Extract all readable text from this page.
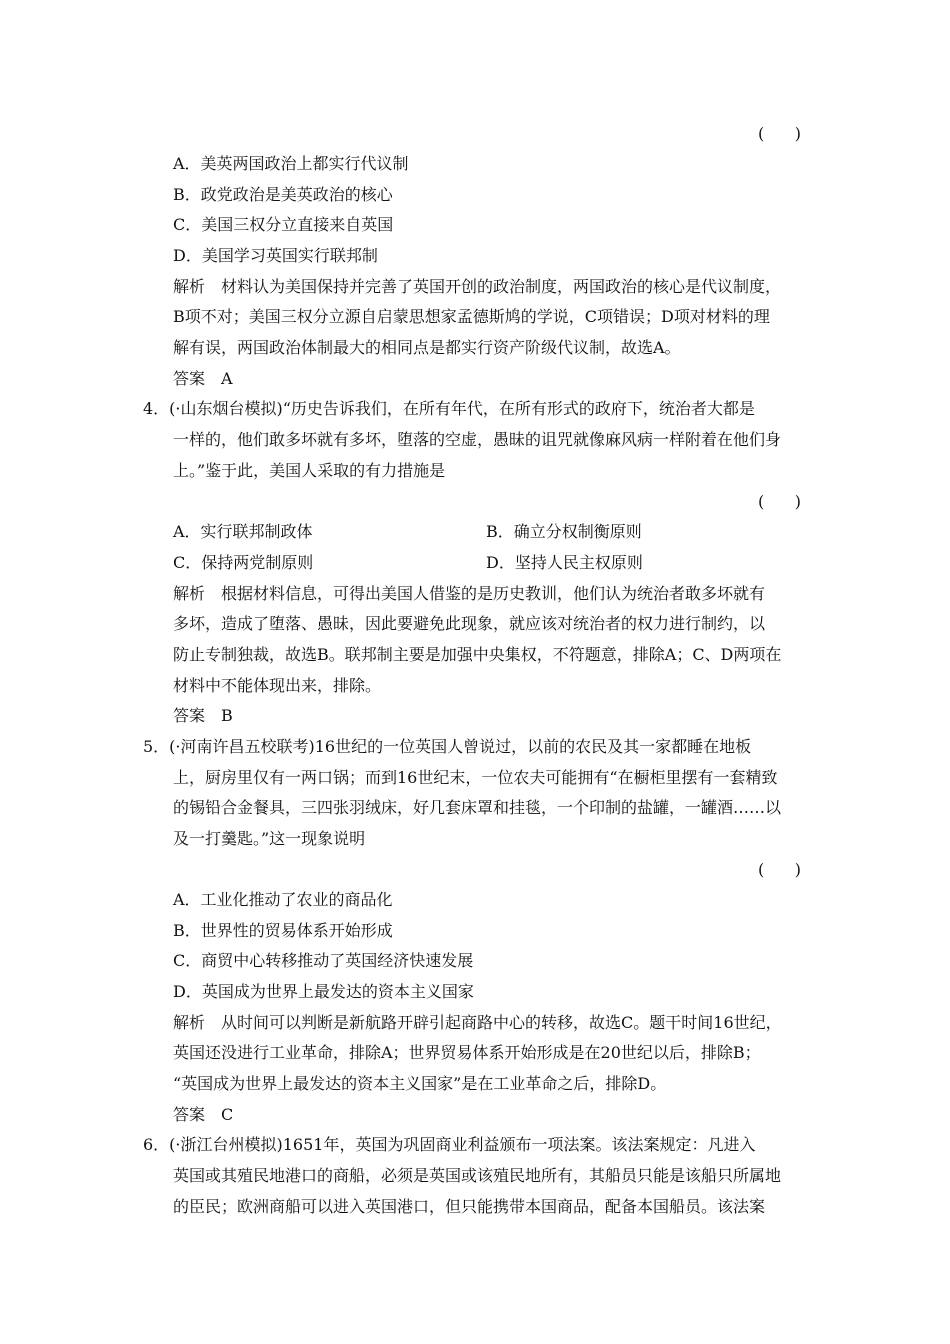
(      )
A．美英两国政治上都实行代议制
B．政党政治是美英政治的核心
C．美国三权分立直接来自英国
D．美国学习英国实行联邦制
解析 材料认为美国保持并完善了英国开创的政治制度，两国政治的核心是代议制度，
B项不对；美国三权分立源自启蒙思想家孟德斯鸠的学说，C项错误；D项对材料的理
解有误，两国政治体制最大的相同点是都实行资产阶级代议制，故选A。
答案 A
4．(·山东烟台模拟)“历史告诉我们，在所有年代，在所有形式的政府下，统治者大都是
一样的，他们敢多坏就有多坏，堕落的空虚，愚昧的诅咒就像麻风病一样附着在他们身
上。”鉴于此，美国人采取的有力措施是
(      )
A．实行联邦制政体	B．确立分权制衡原则
C．保持两党制原则	D．坚持人民主权原则
解析 根据材料信息，可得出美国人借鉴的是历史教训，他们认为统治者敢多坏就有
多坏，造成了堕落、愚昧，因此要避免此现象，就应该对统治者的权力进行制约，以
防止专制独裁，故选B。联邦制主要是加强中央集权，不符题意，排除A；C、D两项在
材料中不能体现出来，排除。
答案 B
5．(·河南许昌五校联考)16世纪的一位英国人曾说过，以前的农民及其一家都睡在地板
上，厨房里仅有一两口锅；而到16世纪末，一位农夫可能拥有“在橱柜里摆有一套精致
的锡铅合金餐具，三四张羽绒床，好几套床罩和挂毯，一个印制的盐罐，一罐酒……以
及一打羹匙。”这一现象说明
(      )
A．工业化推动了农业的商品化
B．世界性的贸易体系开始形成
C．商贸中心转移推动了英国经济快速发展
D．英国成为世界上最发达的资本主义国家
解析 从时间可以判断是新航路开辟引起商路中心的转移，故选C。题干时间16世纪，
英国还没进行工业革命，排除A；世界贸易体系开始形成是在20世纪以后，排除B；
“英国成为世界上最发达的资本主义国家”是在工业革命之后，排除D。
答案 C
6．(·浙江台州模拟)1651年，英国为巩固商业利益颁布一项法案。该法案规定：凡进入
英国或其殖民地港口的商船，必须是英国或该殖民地所有，其船员只能是该船只所属地
的臣民；欧洲商船可以进入英国港口，但只能携带本国商品，配备本国船员。该法案
